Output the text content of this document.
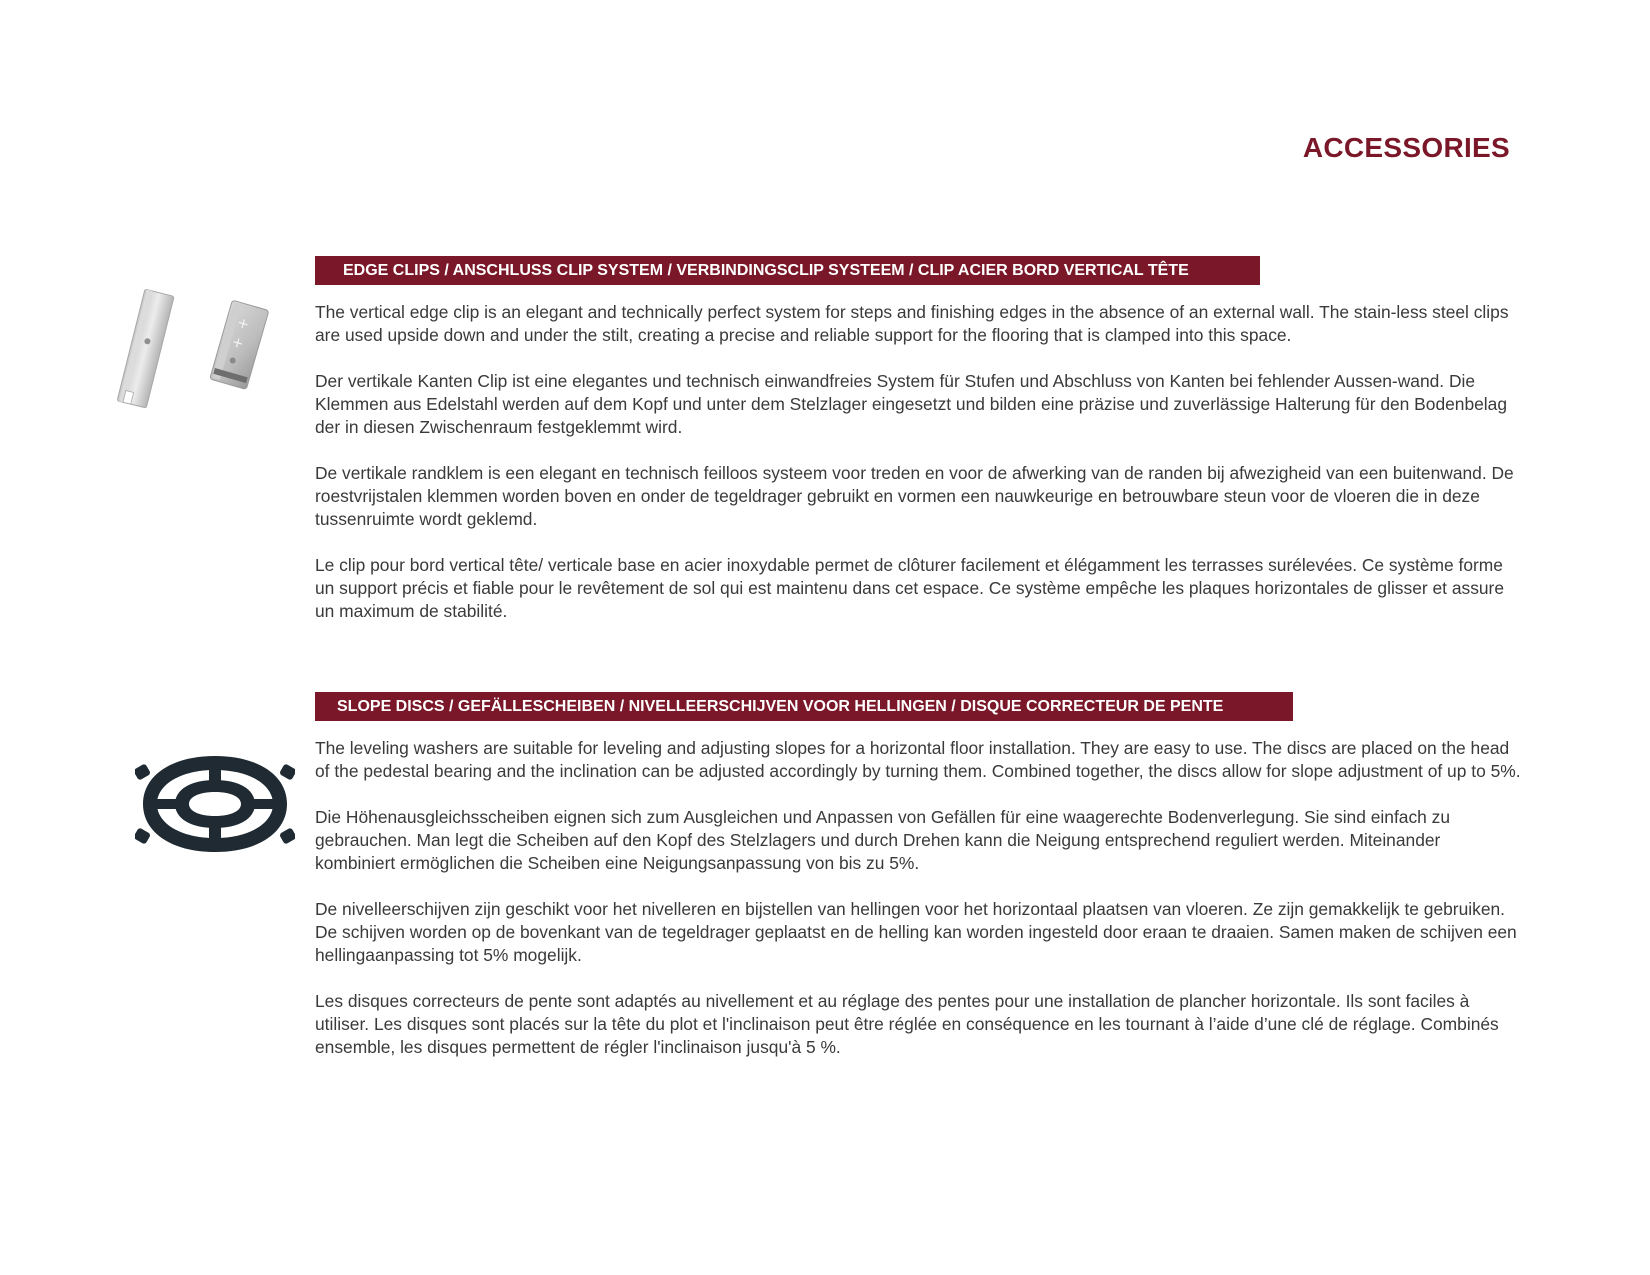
ACCESSORIES
EDGE CLIPS / ANSCHLUSS CLIP SYSTEM / VERBINDINGSCLIP SYSTEEM / CLIP ACIER BORD VERTICAL TÊTE
+
+

The vertical edge clip is an elegant and technically perfect system for steps and finishing edges in the absence of an external wall. The stain-less steel clips are used upside down and under the stilt, creating a precise and reliable support for the flooring that is clamped into this space.

Der vertikale Kanten Clip ist eine elegantes und technisch einwandfreies System für Stufen und Abschluss von Kanten bei fehlender Aussen-wand. Die Klemmen aus Edelstahl werden auf dem Kopf und unter dem Stelzlager eingesetzt und bilden eine präzise und zuverlässige Halterung für den Bodenbelag der in diesen Zwischenraum festgeklemmt wird.

De vertikale randklem is een elegant en technisch feilloos systeem voor treden en voor de afwerking van de randen bij afwezigheid van een buitenwand. De roestvrijstalen klemmen worden boven en onder de tegeldrager gebruikt en vormen een nauwkeurige en betrouwbare steun voor de vloeren die in deze tussenruimte wordt geklemd.

Le clip pour bord vertical tête/ verticale base en acier inoxydable permet de clôturer facilement et élégamment les terrasses surélevées. Ce système forme un support précis et fiable pour le revêtement de sol qui est maintenu dans cet espace. Ce système empêche les plaques horizontales de glisser et assure un maximum de stabilité.

SLOPE DISCS / GEFÄLLESCHEIBEN / NIVELLEERSCHIJVEN VOOR HELLINGEN / DISQUE CORRECTEUR DE PENTE

The leveling washers are suitable for leveling and adjusting slopes for a horizontal floor installation. They are easy to use. The discs are placed on the head of the pedestal bearing and the inclination can be adjusted accordingly by turning them. Combined together, the discs allow for slope adjustment of up to 5%.

Die Höhenausgleichsscheiben eignen sich zum Ausgleichen und Anpassen von Gefällen für eine waagerechte Bodenverlegung. Sie sind einfach zu gebrauchen. Man legt die Scheiben auf den Kopf des Stelzlagers und durch Drehen kann die Neigung entsprechend reguliert werden. Miteinander kombiniert ermöglichen die Scheiben eine Neigungsanpassung von bis zu 5%.

De nivelleerschijven zijn geschikt voor het nivelleren en bijstellen van hellingen voor het horizontaal plaatsen van vloeren. Ze zijn gemakkelijk te gebruiken. De schijven worden op de bovenkant van de tegeldrager geplaatst en de helling kan worden ingesteld door eraan te draaien. Samen maken de schijven een hellingaanpassing tot 5% mogelijk.

Les disques correcteurs de pente sont adaptés au nivellement et au réglage des pentes pour une installation de plancher horizontale. Ils sont faciles à utiliser. Les disques sont placés sur la tête du plot et l'inclinaison peut être réglée en conséquence en les tournant à l’aide d’une clé de réglage. Combinés ensemble, les disques permettent de régler l'inclinaison jusqu'à 5 %.
